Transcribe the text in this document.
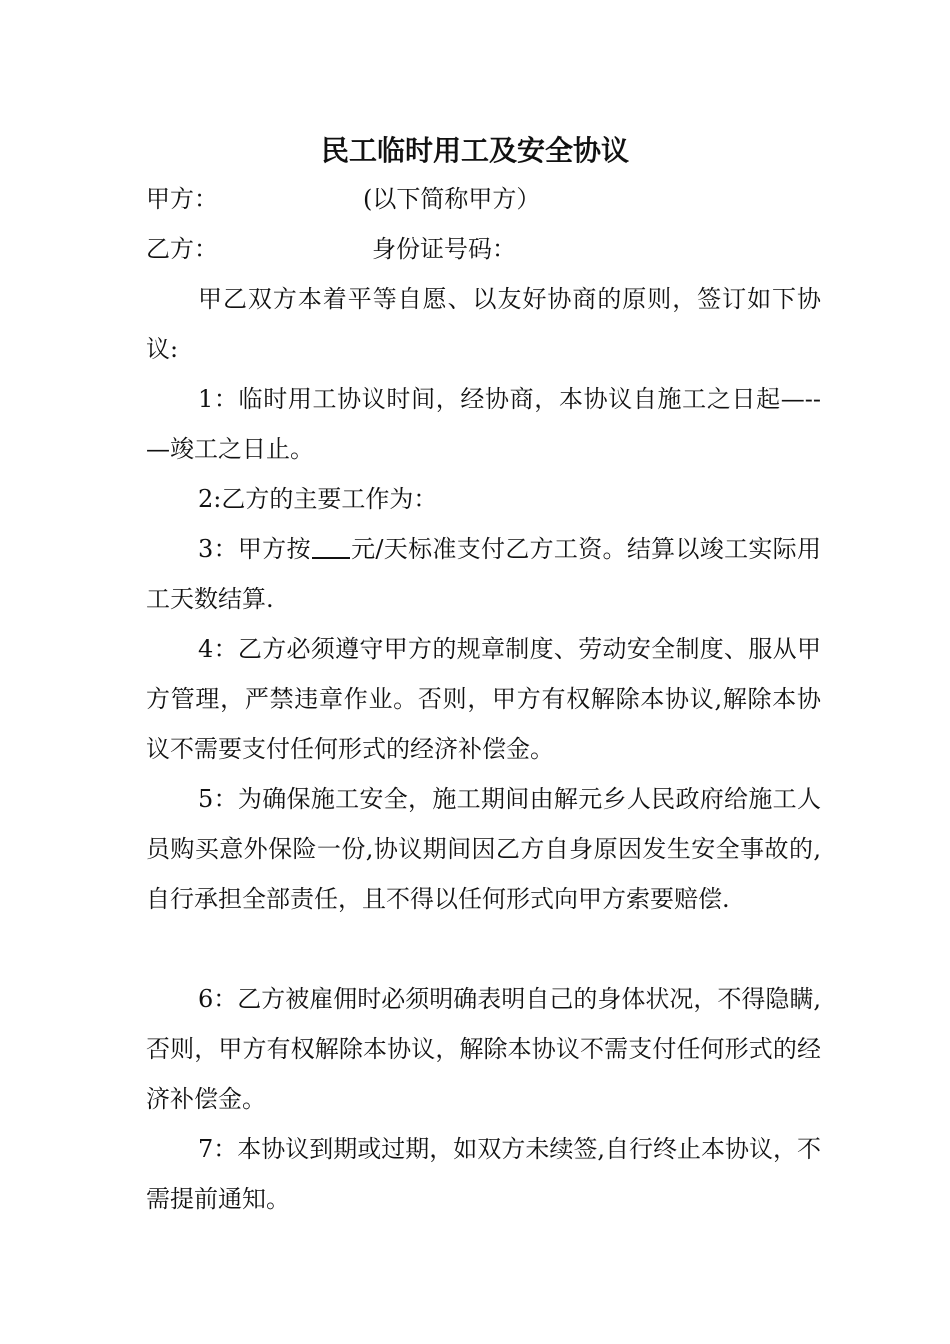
民工临时用工及安全协议
甲方：	(以下简称甲方）
乙方：	身份证号码：

甲乙双方本着平等自愿、以友好协商的原则，签订如下协议:

1：临时用工协议时间，经协商，本协议自施工之日起—--—竣工之日止。

2:乙方的主要工作为：

3：甲方按 元/天标准支付乙方工资。结算以竣工实际用工天数结算.

4：乙方必须遵守甲方的规章制度、劳动安全制度、服从甲方管理，严禁违章作业。否则，甲方有权解除本协议,解除本协议不需要支付任何形式的经济补偿金。

5：为确保施工安全，施工期间由解元乡人民政府给施工人员购买意外保险一份,协议期间因乙方自身原因发生安全事故的,自行承担全部责任，且不得以任何形式向甲方索要赔偿.

6：乙方被雇佣时必须明确表明自己的身体状况，不得隐瞒,否则，甲方有权解除本协议，解除本协议不需支付任何形式的经济补偿金。

7：本协议到期或过期，如双方未续签,自行终止本协议，不需提前通知。
